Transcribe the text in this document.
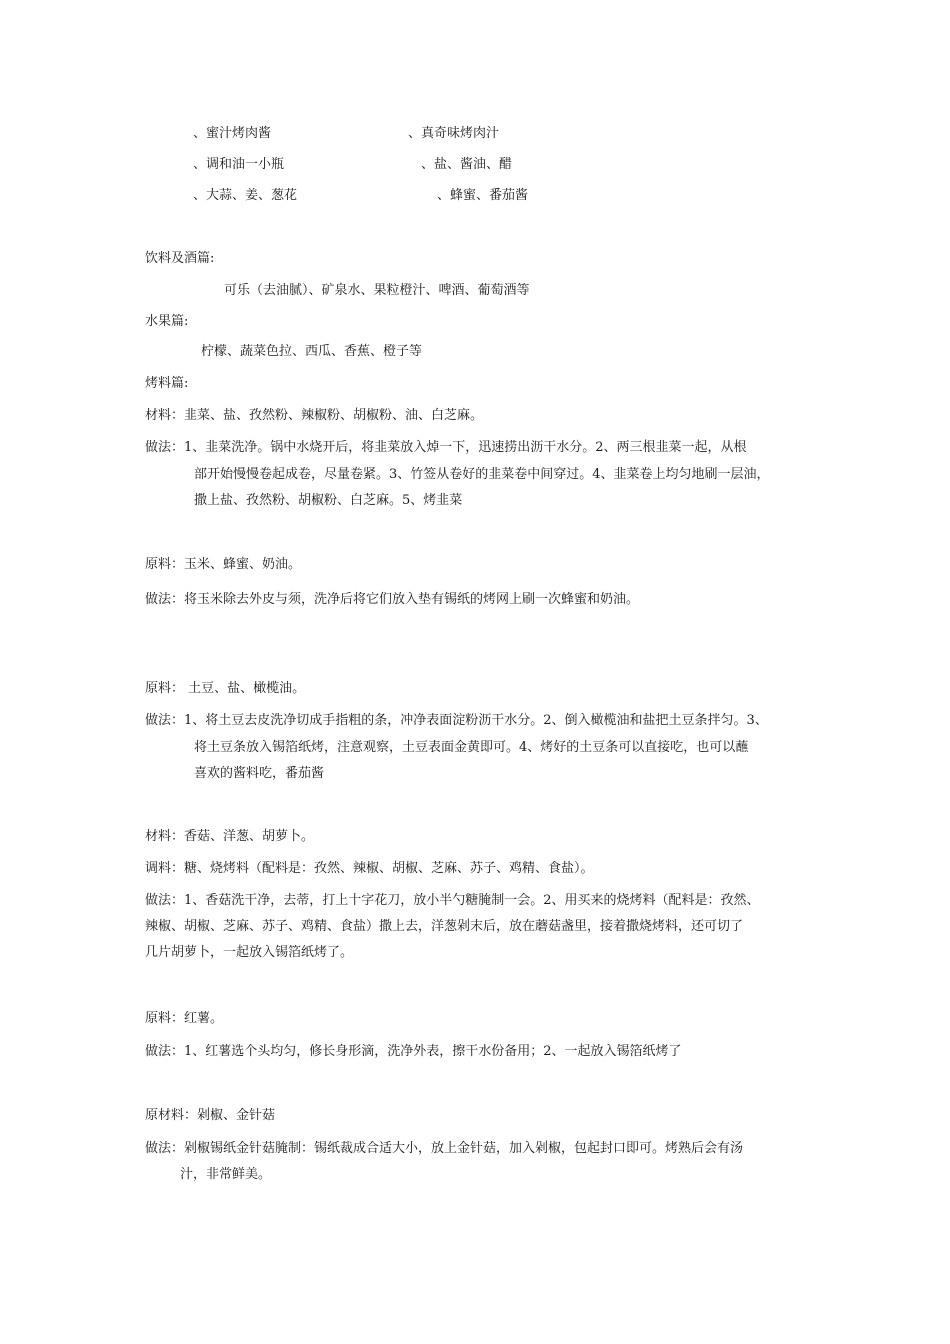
、蜜汁烤肉酱	、真奇味烤肉汁
、调和油一小瓶	、盐、酱油、醋
、大蒜、姜、葱花	、蜂蜜、番茄酱
饮料及酒篇:
可乐（去油腻）、矿泉水、果粒橙汁、啤酒、葡萄酒等
水果篇:
柠檬、蔬菜色拉、西瓜、香蕉、橙子等
烤料篇:
材料：韭菜、盐、孜然粉、辣椒粉、胡椒粉、油、白芝麻。
做法：1、韭菜洗净。锅中水烧开后，将韭菜放入焯一下，迅速捞出沥干水分。2、两三根韭菜一起，从根
部开始慢慢卷起成卷，尽量卷紧。3、竹签从卷好的韭菜卷中间穿过。4、韭菜卷上均匀地刷一层油，
撒上盐、孜然粉、胡椒粉、白芝麻。5、烤韭菜
原料：玉米、蜂蜜、奶油。
做法：将玉米除去外皮与须，洗净后将它们放入垫有锡纸的烤网上刷一次蜂蜜和奶油。
原料： 土豆、盐、橄榄油。
做法：1、将土豆去皮洗净切成手指粗的条，冲净表面淀粉沥干水分。2、倒入橄榄油和盐把土豆条拌匀。3、
将土豆条放入锡箔纸烤，注意观察，土豆表面金黄即可。4、烤好的土豆条可以直接吃，也可以蘸
喜欢的酱料吃，番茄酱
材料：香菇、洋葱、胡萝卜。
调料：糖、烧烤料（配料是：孜然、辣椒、胡椒、芝麻、苏子、鸡精、食盐）。
做法：1、香菇洗干净，去蒂，打上十字花刀，放小半勺糖腌制一会。2、用买来的烧烤料（配料是：孜然、
辣椒、胡椒、芝麻、苏子、鸡精、食盐）撒上去，洋葱剁末后，放在蘑菇盏里，接着撒烧烤料，还可切了
几片胡萝卜，一起放入锡箔纸烤了。
原料：红薯。
做法：1、红薯选个头均匀，修长身形滴，洗净外表，擦干水份备用；2、一起放入锡箔纸烤了
原材料：剁椒、金针菇
做法：剁椒锡纸金针菇腌制：锡纸裁成合适大小，放上金针菇，加入剁椒，包起封口即可。烤熟后会有汤
汁，非常鲜美。
